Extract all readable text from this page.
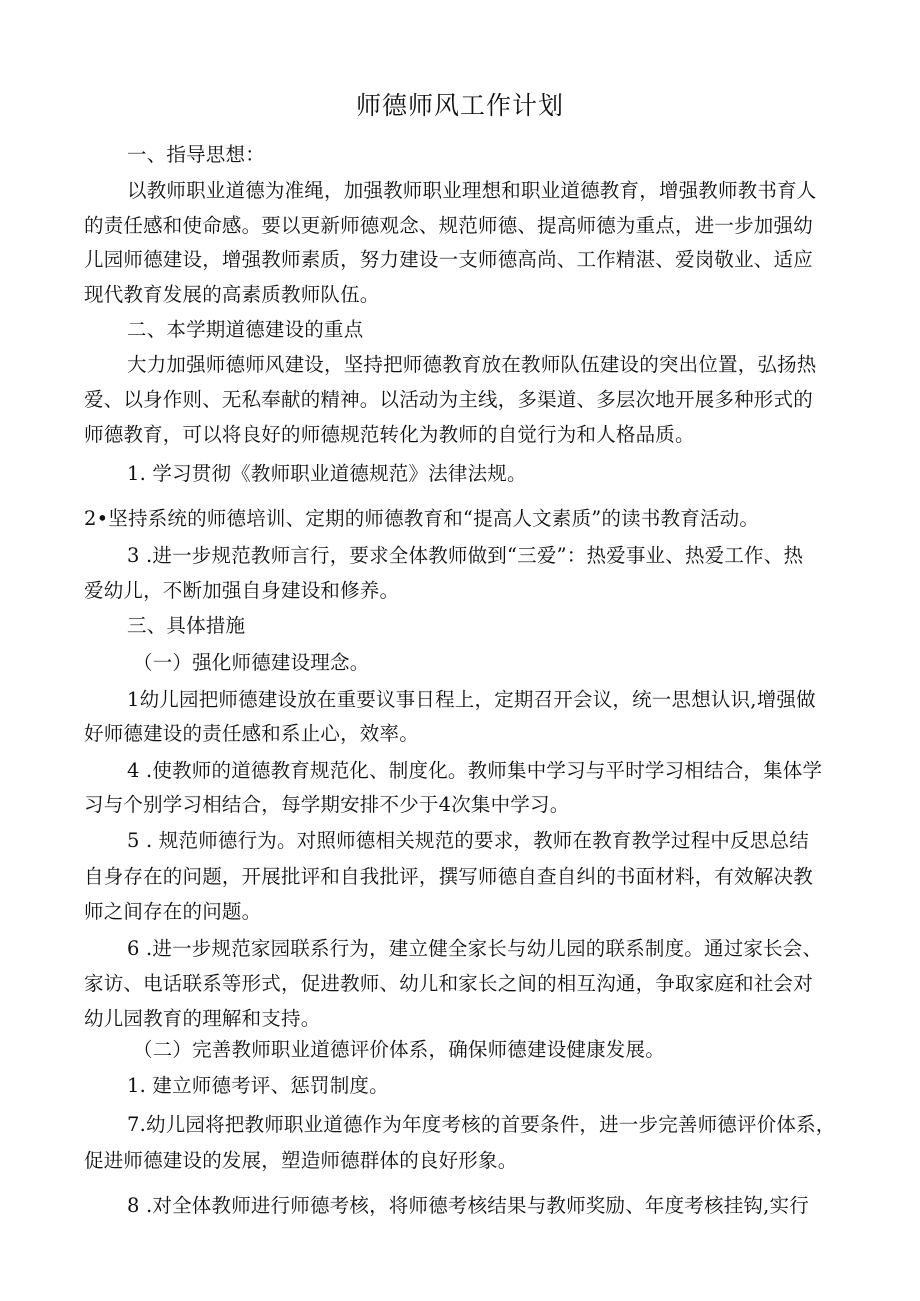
师德师风工作计划
一、指导思想：
以教师职业道德为准绳，加强教师职业理想和职业道德教育，增强教师教书育人
的责任感和使命感。要以更新师德观念、规范师德、提高师德为重点，进一步加强幼
儿园师德建设，增强教师素质，努力建设一支师德高尚、工作精湛、爱岗敬业、适应
现代教育发展的高素质教师队伍。
二、本学期道德建设的重点
大力加强师德师风建设，坚持把师德教育放在教师队伍建设的突出位置，弘扬热
爱、以身作则、无私奉献的精神。以活动为主线，多渠道、多层次地开展多种形式的
师德教育，可以将良好的师德规范转化为教师的自觉行为和人格品质。
1. 学习贯彻《教师职业道德规范》法律法规。
2•坚持系统的师德培训、定期的师德教育和“提高人文素质”的读书教育活动。
3 .进一步规范教师言行，要求全体教师做到“三爱”：热爱事业、热爱工作、热
爱幼儿，不断加强自身建设和修养。
三、具体措施
（一）强化师德建设理念。
1幼儿园把师德建设放在重要议事日程上，定期召开会议，统一思想认识,增强做
好师德建设的责任感和系止心，效率。
4 .使教师的道德教育规范化、制度化。教师集中学习与平时学习相结合，集体学
习与个别学习相结合，每学期安排不少于4次集中学习。
5 . 规范师德行为。对照师德相关规范的要求，教师在教育教学过程中反思总结
自身存在的问题，开展批评和自我批评，撰写师德自查自纠的书面材料，有效解决教
师之间存在的问题。
6 .进一步规范家园联系行为，建立健全家长与幼儿园的联系制度。通过家长会、
家访、电话联系等形式，促进教师、幼儿和家长之间的相互沟通，争取家庭和社会对
幼儿园教育的理解和支持。
（二）完善教师职业道德评价体系，确保师德建设健康发展。
1. 建立师德考评、惩罚制度。
7.幼儿园将把教师职业道德作为年度考核的首要条件，进一步完善师德评价体系，
促进师德建设的发展，塑造师德群体的良好形象。
8 .对全体教师进行师德考核，将师德考核结果与教师奖励、年度考核挂钩,实行
